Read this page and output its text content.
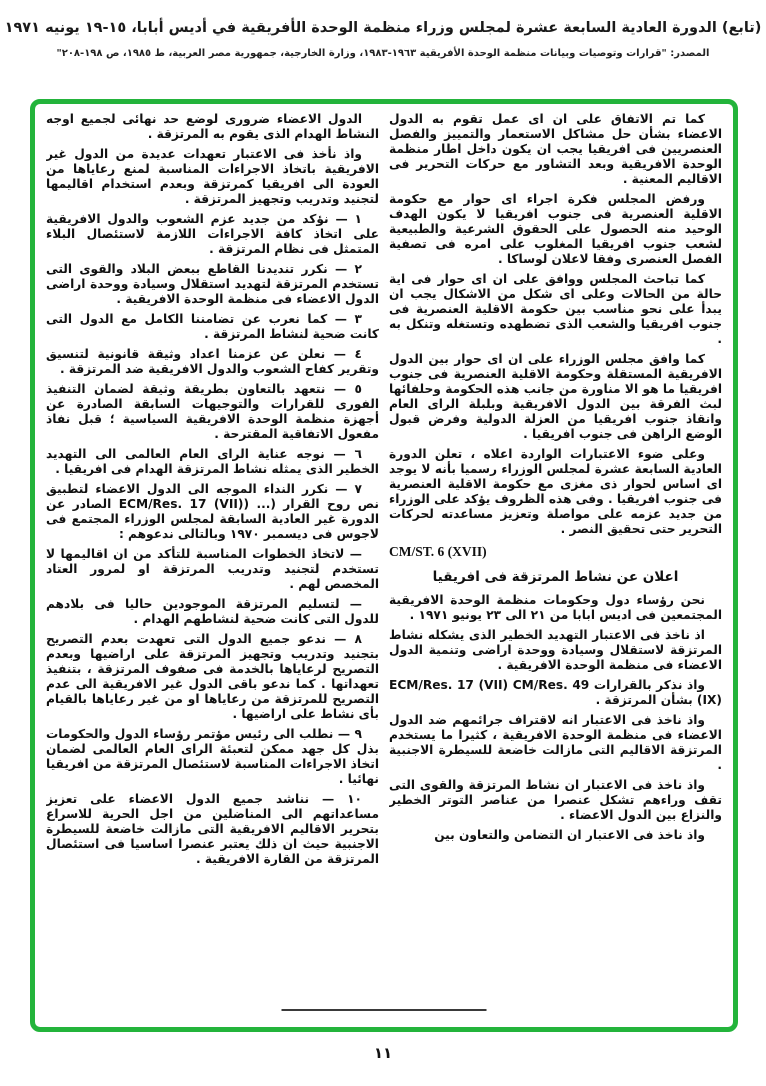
(تابع) الدورة العادية السابعة عشرة لمجلس وزراء منظمة الوحدة الأفريقية في أديس أبابا، ١٥-١٩ يونيه ١٩٧١
المصدر: "قرارات وتوصيات وبيانات منظمة الوحدة الأفريقية ١٩٦٣-١٩٨٣، وزارة الخارجية، جمهورية مصر العربية، ط ١٩٨٥، ص ١٩٨-٢٠٨"

كما تم الاتفاق على ان اى عمل تقوم به الدول الاعضاء بشأن حل مشاكل الاستعمار والتمييز والفصل العنصريين فى افريقيا يجب ان يكون داخل اطار منظمة الوحدة الافريقية وبعد التشاور مع حركات التحرير فى الاقاليم المعنية .

ورفض المجلس فكرة اجراء اى حوار مع حكومة الاقلية العنصرية فى جنوب افريقيا لا يكون الهدف الوحيد منه الحصول على الحقوق الشرعية والطبيعية لشعب جنوب افريقيا المغلوب على امره فى تصفية الفصل العنصرى وفقا لاعلان لوساكا .

كما تباحث المجلس ووافق على ان اى حوار فى اية حالة من الحالات وعلى اى شكل من الاشكال يجب ان يبدأ على نحو مناسب بين حكومة الاقلية العنصرية فى جنوب افريقيا والشعب الذى تضطهده وتستغله وتنكل به .

كما وافق مجلس الوزراء على ان اى حوار بين الدول الافريقية المستقلة وحكومة الاقلية العنصرية فى جنوب افريقيا ما هو الا مناورة من جانب هذه الحكومة وحلفائها لبث الفرقة بين الدول الافريقية وبلبلة الراى العام وانقاذ جنوب افريقيا من العزلة الدولية وفرض قبول الوضع الراهن فى جنوب افريقيا .

وعلى ضوء الاعتبارات الواردة اعلاه ، تعلن الدورة العادية السابعة عشرة لمجلس الوزراء رسميا بأنه لا يوجد اى اساس لحوار ذى مغزى مع حكومة الاقلية العنصرية فى جنوب افريقيا . وفى هذه الظروف يؤكد على الوزراء من جديد عزمه على مواصلة وتعزيز مساعدته لحركات التحرير حتى تحقيق النصر .

CM/ST. 6 (XVII)

اعلان عن نشاط المرتزقة فى افريقيا

نحن رؤساء دول وحكومات منظمة الوحدة الافريقية المجتمعين فى اديس ابابا من ٢١ الى ٢٣ يونيو ١٩٧١ .

اذ ناخذ فى الاعتبار التهديد الخطير الذى يشكله نشاط المرتزقة لاستقلال وسيادة ووحدة اراضى وتنمية الدول الاعضاء فى منظمة الوحدة الافريقية .

واذ نذكر بالقرارات ECM/Res. 17 (VII) CM/Res. 49 (IX) بشأن المرتزقة .

واذ ناخذ فى الاعتبار انه لاقتراف جرائمهم ضد الدول الاعضاء فى منظمة الوحدة الافريقية ، كثيرا ما يستخدم المرتزقة الاقاليم التى مازالت خاضعة للسيطرة الاجنبية .

واذ ناخذ فى الاعتبار ان نشاط المرتزقة والقوى التى تقف وراءهم تشكل عنصرا من عناصر التوتر الخطير والنزاع بين الدول الاعضاء .

واذ ناخذ فى الاعتبار ان التضامن والتعاون بين

الدول الاعضاء ضرورى لوضع حد نهائى لجميع اوجه النشاط الهدام الذى يقوم به المرتزقة .

واذ نأخذ فى الاعتبار تعهدات عديدة من الدول غير الافريقية باتخاذ الاجراءات المناسبة لمنع رعاياها من العودة الى افريقيا كمرتزقة وبعدم استخدام اقاليمها لتجنيد وتدريب وتجهيز المرتزقة .

١ — نؤكد من جديد عزم الشعوب والدول الافريقية على اتخاذ كافة الاجراءات اللازمة لاستئصال البلاء المتمثل فى نظام المرتزقة .

٢ — نكرر تنديدنا القاطع ببعض البلاد والقوى التى تستخدم المرتزقة لتهديد استقلال وسيادة ووحدة اراضى الدول الاعضاء فى منظمة الوحدة الافريقية .

٣ — كما نعرب عن تضامننا الكامل مع الدول التى كانت ضحية لنشاط المرتزقة .

٤ — نعلن عن عزمنا اعداد وثيقة قانونية لتنسيق وتقرير كفاح الشعوب والدول الافريقية ضد المرتزقة .

٥ — نتعهد بالتعاون بطريقة وثيقة لضمان التنفيذ الفورى للقرارات والتوجيهات السابقة الصادرة عن أجهزة منظمة الوحدة الافريقية السياسية ؛ قبل نفاذ مفعول الاتفاقية المقترحة .

٦ — نوجه عناية الراى العام العالمى الى التهديد الخطير الذى يمثله نشاط المرتزقة الهدام فى افريقيا .

٧ — نكرر النداء الموجه الى الدول الاعضاء لتطبيق نص روح القرار (... (ECM/Res. 17 (VII) الصادر عن الدورة غير العادية السابقة لمجلس الوزراء المجتمع فى لاجوس فى ديسمبر ١٩٧٠ وبالتالى ندعوهم :

— لاتخاذ الخطوات المناسبة للتأكد من ان اقاليمها لا تستخدم لتجنيد وتدريب المرتزقة او لمرور العتاد المخصص لهم .

— لتسليم المرتزقة الموجودين حاليا فى بلادهم للدول التى كانت ضحية لنشاطهم الهدام .

٨ — ندعو جميع الدول التى تعهدت بعدم التصريح بتجنيد وتدريب وتجهيز المرتزقة على اراضيها وبعدم التصريح لرعاياها بالخدمة فى صفوف المرتزقة ، بتنفيذ تعهداتها . كما ندعو باقى الدول غير الافريقية الى عدم التصريح للمرتزقة من رعاياها او من غير رعاياها بالقيام بأى نشاط على اراضيها .

٩ — نطلب الى رئيس مؤتمر رؤساء الدول والحكومات بذل كل جهد ممكن لتعبئة الراى العام العالمى لضمان اتخاذ الاجراءات المناسبة لاستئصال المرتزقة من افريقيا نهائيا .

١٠ — نناشد جميع الدول الاعضاء على تعزيز مساعداتهم الى المناضلين من اجل الحرية للاسراع بتحرير الاقاليم الافريقية التى مازالت خاضعة للسيطرة الاجنبية حيث ان ذلك يعتبر عنصرا اساسيا فى استئصال المرتزقة من القارة الافريقية .

١١
